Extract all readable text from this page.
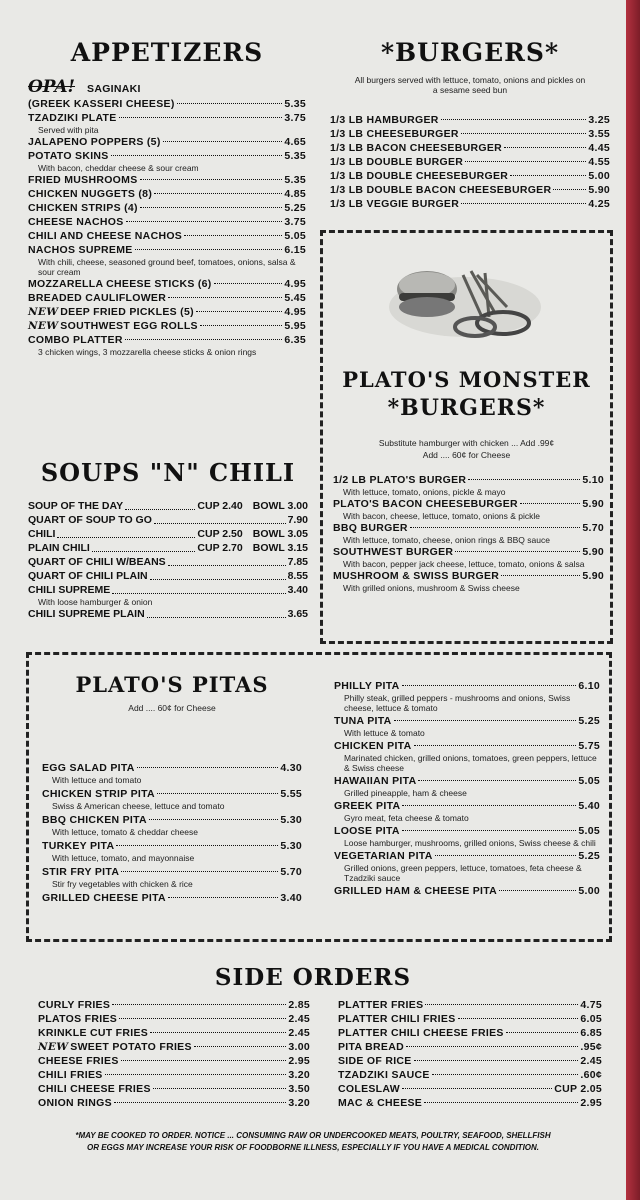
APPETIZERS
OPA! SAGINAKI
(GREEK KASSERI CHEESE)	5.35
TZADZIKI PLATE	3.75
Served with pita
JALAPENO POPPERS (5)	4.65
POTATO SKINS	5.35
With bacon, cheddar cheese & sour cream
FRIED MUSHROOMS	5.35
CHICKEN NUGGETS (8)	4.85
CHICKEN STRIPS (4)	5.25
CHEESE NACHOS	3.75
CHILI AND CHEESE NACHOS	5.05
NACHOS SUPREME	6.15
With chili, cheese, seasoned ground beef, tomatoes, onions, salsa & sour cream
MOZZARELLA CHEESE STICKS (6)	4.95
BREADED CAULIFLOWER	5.45
NEW DEEP FRIED PICKLES (5)	4.95
NEW SOUTHWEST EGG ROLLS	5.95
COMBO PLATTER	6.35
3 chicken wings, 3 mozzarella cheese sticks & onion rings
SOUPS "N" CHILI
SOUP OF THE DAY	CUP 2.40 BOWL 3.00
QUART OF SOUP TO GO	7.90
CHILI	CUP 2.50 BOWL 3.05
PLAIN CHILI	CUP 2.70 BOWL 3.15
QUART OF CHILI W/BEANS	7.85
QUART OF CHILI PLAIN	8.55
CHILI SUPREME	3.40
With loose hamburger & onion
CHILI SUPREME PLAIN	3.65
*BURGERS*
All burgers served with lettuce, tomato, onions and pickles on a sesame seed bun
1/3 LB HAMBURGER	3.25
1/3 LB CHEESEBURGER	3.55
1/3 LB BACON CHEESEBURGER	4.45
1/3 LB DOUBLE BURGER	4.55
1/3 LB DOUBLE CHEESEBURGER	5.00
1/3 LB DOUBLE BACON CHEESEBURGER	5.90
1/3 LB VEGGIE BURGER	4.25
PLATO'S MONSTER
*BURGERS*
Substitute hamburger with chicken ... Add .99¢
Add .... 60¢ for Cheese
1/2 LB PLATO'S BURGER	5.10
With lettuce, tomato, onions, pickle & mayo
PLATO'S BACON CHEESEBURGER	5.90
With bacon, cheese, lettuce, tomato, onions & pickle
BBQ BURGER	5.70
With lettuce, tomato, cheese, onion rings & BBQ sauce
SOUTHWEST BURGER	5.90
With bacon, pepper jack cheese, lettuce, tomato, onions & salsa
MUSHROOM & SWISS BURGER	5.90
With grilled onions, mushroom & Swiss cheese
PLATO'S PITAS
Add .... 60¢ for Cheese
EGG SALAD PITA	4.30
With lettuce and tomato
CHICKEN STRIP PITA	5.55
Swiss & American cheese, lettuce and tomato
BBQ CHICKEN PITA	5.30
With lettuce, tomato & cheddar cheese
TURKEY PITA	5.30
With lettuce, tomato, and mayonnaise
STIR FRY PITA	5.70
Stir fry vegetables with chicken & rice
GRILLED CHEESE PITA	3.40
PHILLY PITA	6.10
Philly steak, grilled peppers - mushrooms and onions, Swiss cheese, lettuce & tomato
TUNA PITA	5.25
With lettuce & tomato
CHICKEN PITA	5.75
Marinated chicken, grilled onions, tomatoes, green peppers, lettuce & Swiss cheese
HAWAIIAN PITA	5.05
Grilled pineapple, ham & cheese
GREEK PITA	5.40
Gyro meat, feta cheese & tomato
LOOSE PITA	5.05
Loose hamburger, mushrooms, grilled onions, Swiss cheese & chili
VEGETARIAN PITA	5.25
Grilled onions, green peppers, lettuce, tomatoes, feta cheese & Tzadziki sauce
GRILLED HAM & CHEESE PITA	5.00
SIDE ORDERS
CURLY FRIES	2.85
PLATOS FRIES	2.45
KRINKLE CUT FRIES	2.45
NEW SWEET POTATO FRIES	3.00
CHEESE FRIES	2.95
CHILI FRIES	3.20
CHILI CHEESE FRIES	3.50
ONION RINGS	3.20
PLATTER FRIES	4.75
PLATTER CHILI FRIES	6.05
PLATTER CHILI CHEESE FRIES	6.85
PITA BREAD	.95¢
SIDE OF RICE	2.45
TZADZIKI SAUCE	.60¢
COLESLAW	CUP 2.05
MAC & CHEESE	2.95
*MAY BE COOKED TO ORDER. NOTICE ... CONSUMING RAW OR UNDERCOOKED MEATS, POULTRY, SEAFOOD, SHELLFISH
OR EGGS MAY INCREASE YOUR RISK OF FOODBORNE ILLNESS, ESPECIALLY IF YOU HAVE A MEDICAL CONDITION.
